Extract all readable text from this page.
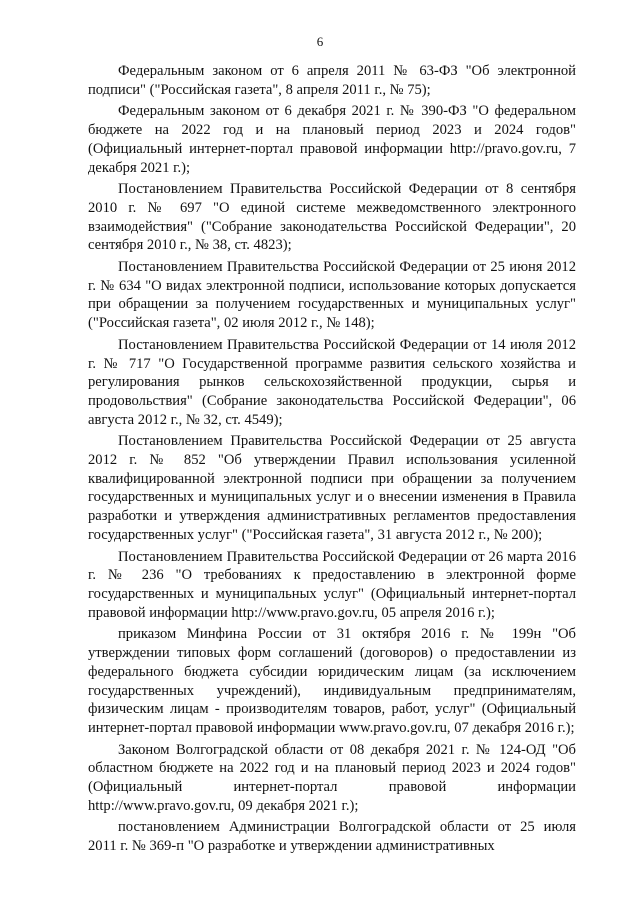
6

Федеральным законом от 6 апреля 2011 № 63-ФЗ "Об электронной подписи" ("Российская газета", 8 апреля 2011 г., № 75);

Федеральным законом от 6 декабря 2021 г. № 390-ФЗ "О федеральном бюджете на 2022 год и на плановый период 2023 и 2024 годов" (Официальный интернет-портал правовой информации http://pravo.gov.ru, 7 декабря 2021 г.);

Постановлением Правительства Российской Федерации от 8 сентября 2010 г. № 697 "О единой системе межведомственного электронного взаимодействия" ("Собрание законодательства Российской Федерации", 20 сентября 2010 г., № 38, ст. 4823);

Постановлением Правительства Российской Федерации от 25 июня 2012 г. № 634 "О видах электронной подписи, использование которых допускается при обращении за получением государственных и муниципальных услуг" ("Российская газета", 02 июля 2012 г., № 148);

Постановлением Правительства Российской Федерации от 14 июля 2012 г. № 717 "О Государственной программе развития сельского хозяйства и регулирования рынков сельскохозяйственной продукции, сырья и продовольствия" (Собрание законодательства Российской Федерации", 06 августа 2012 г., № 32, ст. 4549);

Постановлением Правительства Российской Федерации от 25 августа 2012 г. № 852 "Об утверждении Правил использования усиленной квалифицированной электронной подписи при обращении за получением государственных и муниципальных услуг и о внесении изменения в Правила разработки и утверждения административных регламентов предоставления государственных услуг" ("Российская газета", 31 августа 2012 г., № 200);

Постановлением Правительства Российской Федерации от 26 марта 2016 г. № 236 "О требованиях к предоставлению в электронной форме государственных и муниципальных услуг" (Официальный интернет-портал правовой информации http://www.pravo.gov.ru, 05 апреля 2016 г.);

приказом Минфина России от 31 октября 2016 г. № 199н "Об утверждении типовых форм соглашений (договоров) о предоставлении из федерального бюджета субсидии юридическим лицам (за исключением государственных учреждений), индивидуальным предпринимателям, физическим лицам - производителям товаров, работ, услуг" (Официальный интернет-портал правовой информации www.pravo.gov.ru, 07 декабря 2016 г.);

Законом Волгоградской области от 08 декабря 2021 г. № 124-ОД "Об областном бюджете на 2022 год и на плановый период 2023 и 2024 годов" (Официальный интернет-портал правовой информации http://www.pravo.gov.ru, 09 декабря 2021 г.);

постановлением Администрации Волгоградской области от 25 июля 2011 г. № 369-п "О разработке и утверждении административных
